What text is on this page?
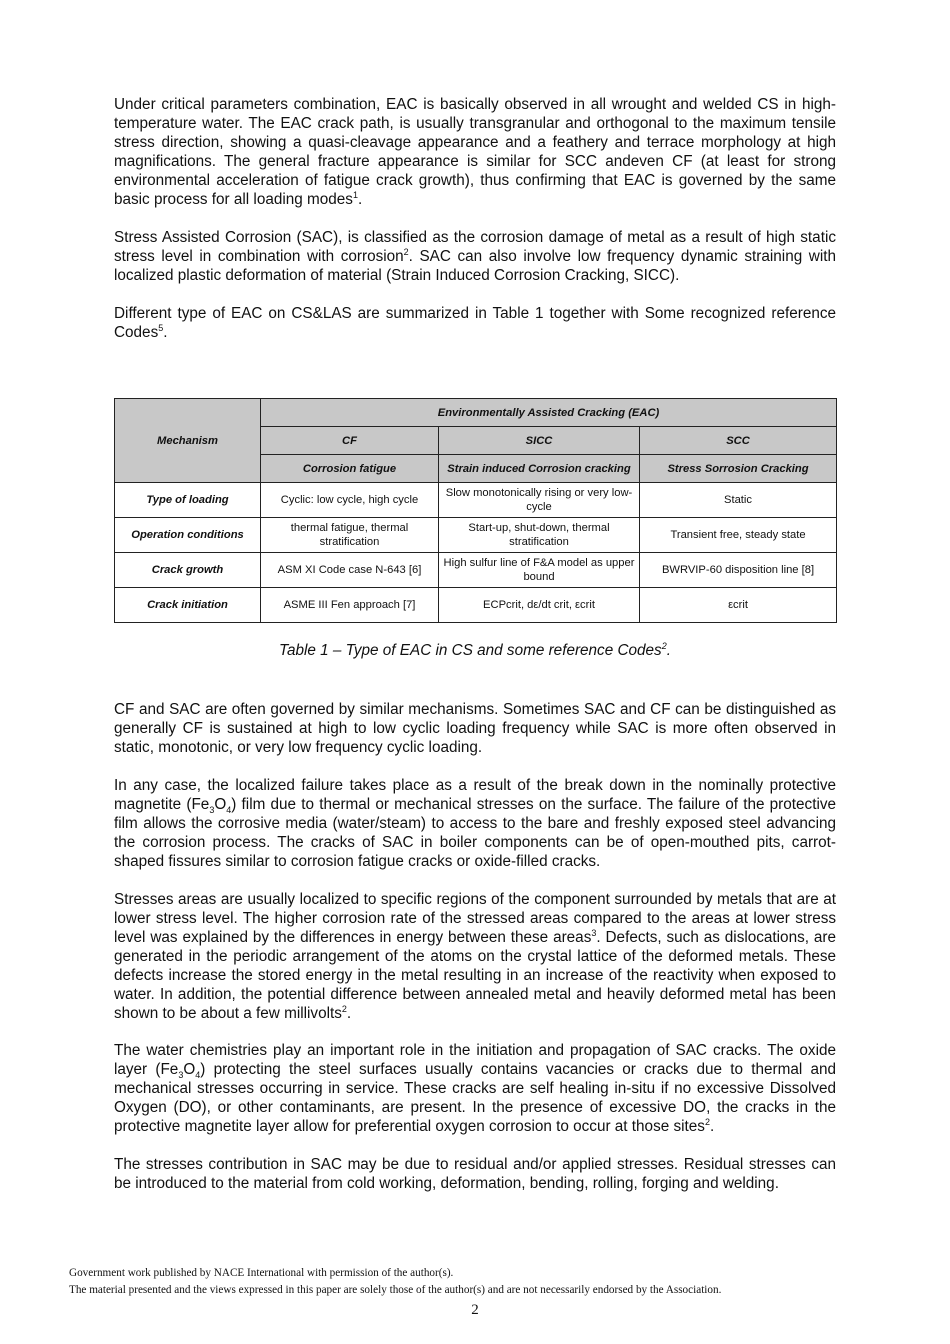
Under critical parameters combination, EAC is basically observed in all wrought and welded CS in high-temperature water. The EAC crack path, is usually transgranular and orthogonal to the maximum tensile stress direction, showing a quasi-cleavage appearance and a feathery and terrace morphology at high magnifications. The general fracture appearance is similar for SCC andeven CF (at least for strong environmental acceleration of fatigue crack growth), thus confirming that EAC is governed by the same basic process for all loading modes$^1$.

Stress Assisted Corrosion (SAC), is classified as the corrosion damage of metal as a result of high static stress level in combination with corrosion$^2$. SAC can also involve low frequency dynamic straining with localized plastic deformation of material (Strain Induced Corrosion Cracking, SICC).

Different type of EAC on CS&LAS are summarized in Table 1 together with Some recognized reference Codes$^5$.

Mechanism	Environmentally Assisted Cracking (EAC)		
	CF	SICC	SCC
	Corrosion fatigue	Strain induced Corrosion cracking	Stress Sorrosion Cracking
Type of loading	Cyclic: low cycle, high cycle	Slow monotonically rising or very low-cycle	Static
Operation conditions	thermal fatigue, thermal stratification	Start-up, shut-down, thermal stratification	Transient free, steady state
Crack growth	ASM XI Code case N-643 [6]	High sulfur line of F&A model as upper bound	BWRVIP-60 disposition line [8]
Crack initiation	ASME III Fen approach [7]	ECPcrit, dε/dt crit, εcrit	εcrit

Table 1 – Type of EAC in CS and some reference Codes$^2$.

CF and SAC are often governed by similar mechanisms. Sometimes SAC and CF can be distinguished as generally CF is sustained at high to low cyclic loading frequency while SAC is more often observed in static, monotonic, or very low frequency cyclic loading.

In any case, the localized failure takes place as a result of the break down in the nominally protective magnetite $(Fe_3O_4)$ film due to thermal or mechanical stresses on the surface. The failure of the protective film allows the corrosive media (water/steam) to access to the bare and freshly exposed steel advancing the corrosion process. The cracks of SAC in boiler components can be of open-mouthed pits, carrot-shaped fissures similar to corrosion fatigue cracks or oxide-filled cracks.

Stresses areas are usually localized to specific regions of the component surrounded by metals that are at lower stress level. The higher corrosion rate of the stressed areas compared to the areas at lower stress level was explained by the differences in energy between these areas$^3$. Defects, such as dislocations, are generated in the periodic arrangement of the atoms on the crystal lattice of the deformed metals. These defects increase the stored energy in the metal resulting in an increase of the reactivity when exposed to water. In addition, the potential difference between annealed metal and heavily deformed metal has been shown to be about a few millivolts$^2$.

The water chemistries play an important role in the initiation and propagation of SAC cracks. The oxide layer $(Fe_3O_4)$ protecting the steel surfaces usually contains vacancies or cracks due to thermal and mechanical stresses occurring in service. These cracks are self healing in-situ if no excessive Dissolved Oxygen (DO), or other contaminants, are present. In the presence of excessive DO, the cracks in the protective magnetite layer allow for preferential oxygen corrosion to occur at those sites$^2$.

The stresses contribution in SAC may be due to residual and/or applied stresses. Residual stresses can be introduced to the material from cold working, deformation, bending, rolling, forging and welding.

Government work published by NACE International with permission of the author(s).

The material presented and the views expressed in this paper are solely those of the author(s) and are not necessarily endorsed by the Association.

2
